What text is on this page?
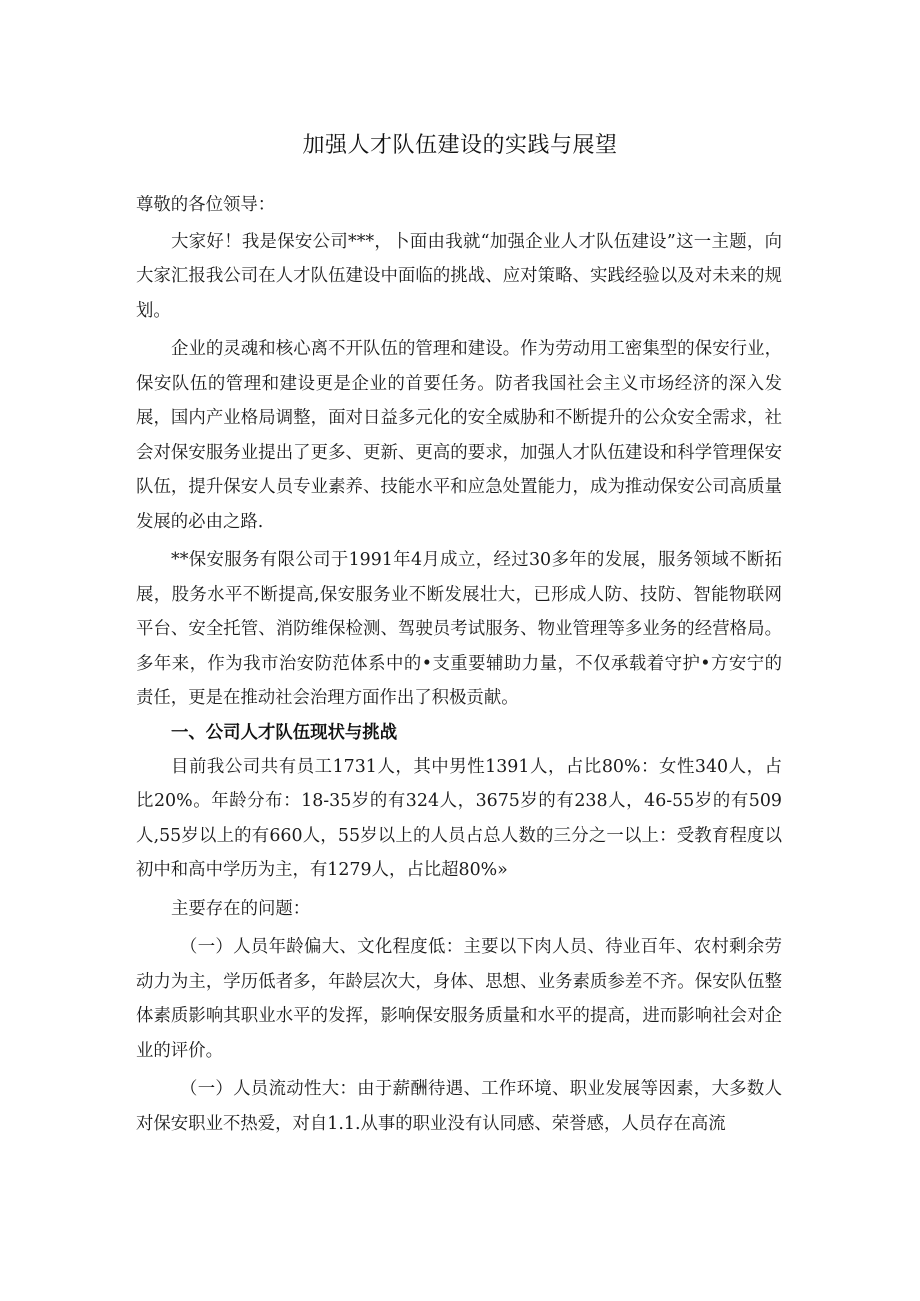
加强人才队伍建设的实践与展望

尊敬的各位领导：

大家好！我是保安公司***，卜面由我就“加强企业人才队伍建设”这一主题，向大家汇报我公司在人才队伍建设中面临的挑战、应对策略、实践经验以及对未来的规划。

企业的灵魂和核心离不开队伍的管理和建设。作为劳动用工密集型的保安行业，保安队伍的管理和建设更是企业的首要任务。防者我国社会主义市场经济的深入发展，国内产业格局调整，面对日益多元化的安全威胁和不断提升的公众安全需求，社会对保安服务业提出了更多、更新、更高的要求，加强人才队伍建设和科学管理保安队伍，提升保安人员专业素养、技能水平和应急处置能力，成为推动保安公司高质量发展的必由之路.

**保安服务有限公司于1991年4月成立，经过30多年的发展，服务领域不断拓展，股务水平不断提高,保安服务业不断发展壮大，已形成人防、技防、智能物联网平台、安全托管、消防维保检测、驾驶员考试服务、物业管理等多业务的经营格局。多年来，作为我市治安防范体系中的•支重要辅助力量，不仅承载着守护•方安宁的责任，更是在推动社会治理方面作出了积极贡献。

一、公司人才队伍现状与挑战

目前我公司共有员工1731人，其中男性1391人，占比80%：女性340人，占比20%。年龄分布：18-35岁的有324人，3675岁的有238人，46-55岁的有509人,55岁以上的有660人，55岁以上的人员占总人数的三分之一以上：受教育程度以初中和高中学历为主，有1279人，占比超80%»

主要存在的问题：

（一）人员年龄偏大、文化程度低：主要以下肉人员、待业百年、农村剩余劳动力为主，学历低者多，年龄层次大，身体、思想、业务素质参差不齐。保安队伍整体素质影响其职业水平的发挥，影响保安服务质量和水平的提高，进而影响社会对企业的评价。

（一）人员流动性大：由于薪酬待遇、工作环境、职业发展等因素，大多数人对保安职业不热爱，对自1.1.从事的职业没有认同感、荣誉感，人员存在高流
